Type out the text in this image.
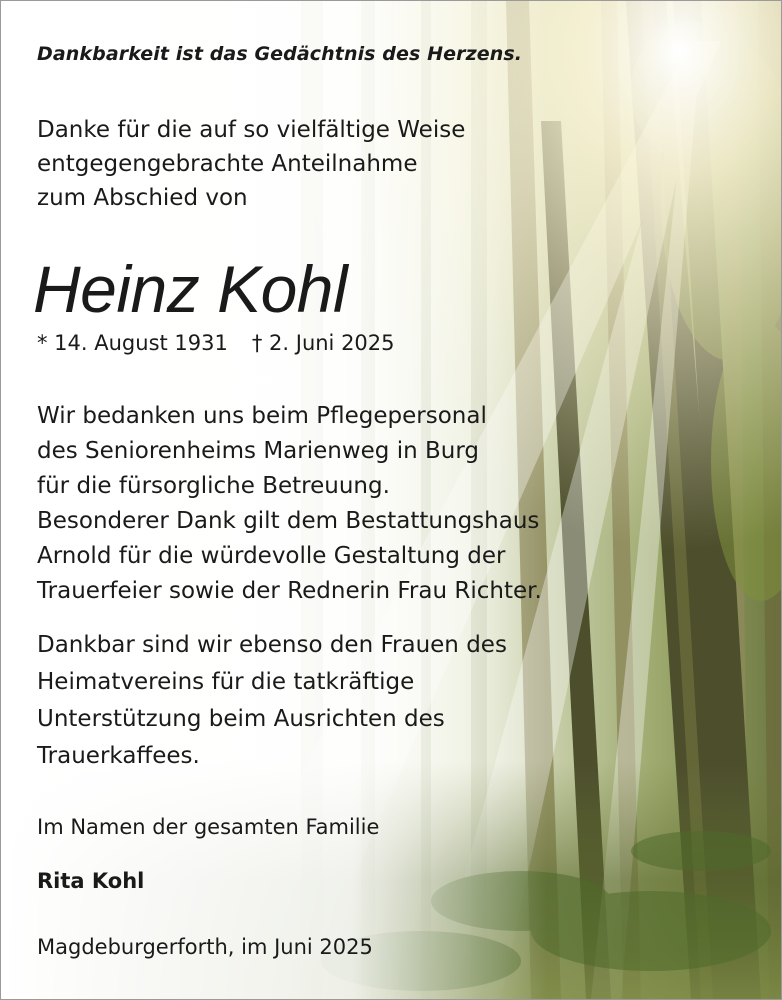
Dankbarkeit ist das Gedächtnis des Herzens.
Danke für die auf so vielfältige Weise
entgegengebrachte Anteilnahme
zum Abschied von
Heinz Kohl
* 14. August 1931 † 2. Juni 2025
Wir bedanken uns beim Pflegepersonal
des Seniorenheims Marienweg in Burg
für die fürsorgliche Betreuung.
Besonderer Dank gilt dem Bestattungshaus
Arnold für die würdevolle Gestaltung der
Trauerfeier sowie der Rednerin Frau Richter.
Dankbar sind wir ebenso den Frauen des
Heimatvereins für die tatkräftige
Unterstützung beim Ausrichten des
Trauerkaffees.
Im Namen der gesamten Familie
Rita Kohl
Magdeburgerforth, im Juni 2025
